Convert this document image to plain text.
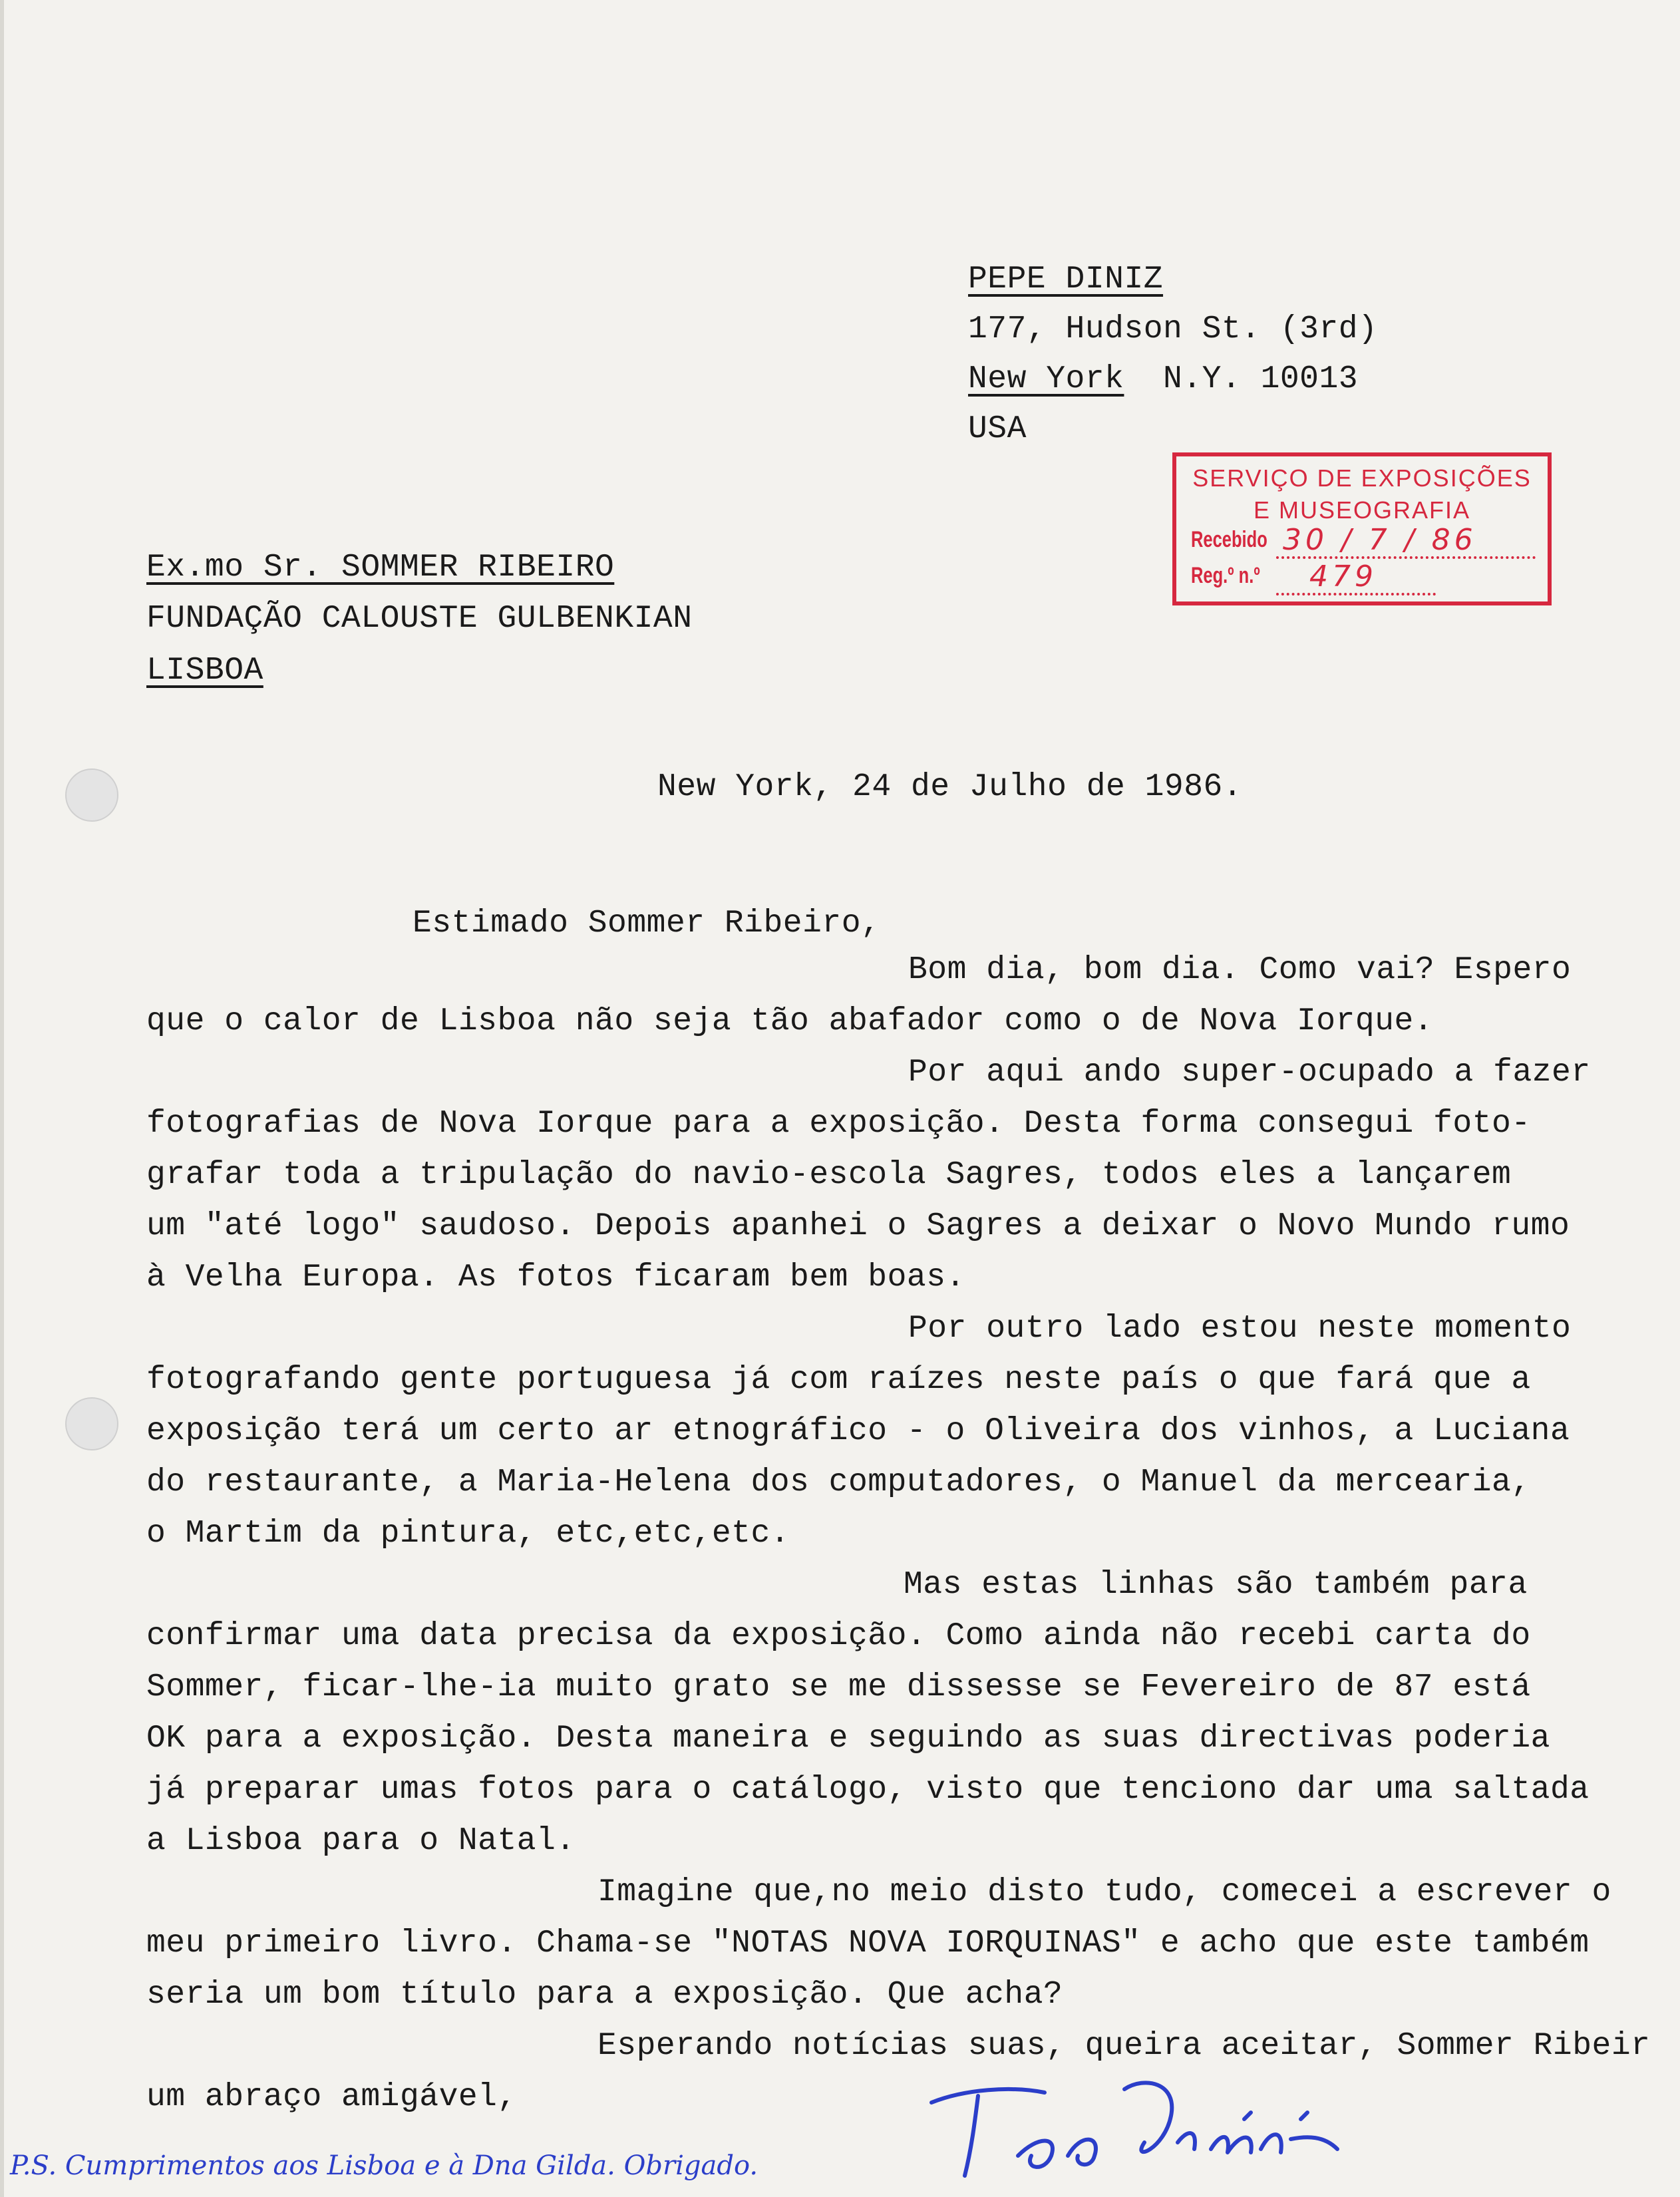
PEPE DINIZ
177, Hudson St. (3rd)
New York N.Y. 10013
USA
SERVIÇO DE EXPOSIÇÕES
E MUSEOGRAFIA
Recebido 30 / 7 / 86
Reg.º n.º 479
Ex.mo Sr. SOMMER RIBEIRO
FUNDAÇÃO CALOUSTE GULBENKIAN
LISBOA
New York, 24 de Julho de 1986.
Estimado Sommer Ribeiro,
Bom dia, bom dia. Como vai? Espero
que o calor de Lisboa não seja tão abafador como o de Nova Iorque.
Por aqui ando super-ocupado a fazer
fotografias de Nova Iorque para a exposição. Desta forma consegui foto-
grafar toda a tripulação do navio-escola Sagres, todos eles a lançarem
um "até logo" saudoso. Depois apanhei o Sagres a deixar o Novo Mundo rumo
à Velha Europa. As fotos ficaram bem boas.
Por outro lado estou neste momento
fotografando gente portuguesa já com raízes neste país o que fará que a
exposição terá um certo ar etnográfico - o Oliveira dos vinhos, a Luciana
do restaurante, a Maria-Helena dos computadores, o Manuel da mercearia,
o Martim da pintura, etc,etc,etc.
Mas estas linhas são também para
confirmar uma data precisa da exposição. Como ainda não recebi carta do
Sommer, ficar-lhe-ia muito grato se me dissesse se Fevereiro de 87 está
OK para a exposição. Desta maneira e seguindo as suas directivas poderia
já preparar umas fotos para o catálogo, visto que tenciono dar uma saltada
a Lisboa para o Natal.
Imagine que,no meio disto tudo, comecei a escrever o
meu primeiro livro. Chama-se "NOTAS NOVA IORQUINAS" e acho que este também
seria um bom título para a exposição. Que acha?
Esperando notícias suas, queira aceitar, Sommer Ribeir
um abraço amigável,
P.S. Cumprimentos aos Lisboa e à Dna Gilda. Obrigado.
